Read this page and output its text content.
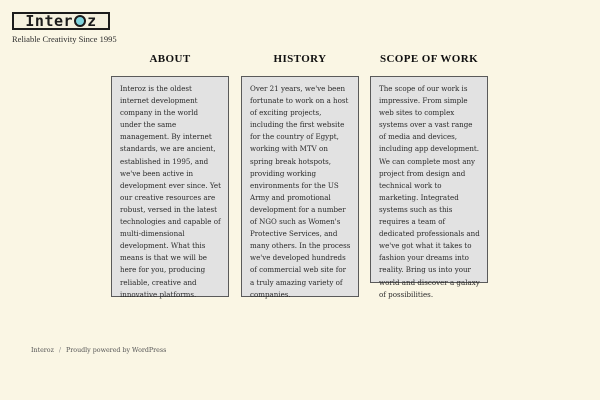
Inter z
Reliable Creativity Since 1995
ABOUT
Interoz is the oldest internet development company in the world under the same management. By internet standards, we are ancient, established in 1995, and we've been active in development ever since. Yet our creative resources are robust, versed in the latest technologies and capable of multi-dimensional development. What this means is that we will be here for you, producing reliable, creative and innovative platforms.
HISTORY
Over 21 years, we've been fortunate to work on a host of exciting projects, including the first website for the country of Egypt, working with MTV on spring break hotspots, providing working environments for the US Army and promotional development for a number of NGO such as Women's Protective Services, and many others. In the process we've developed hundreds of commercial web site for a truly amazing variety of companies.
SCOPE OF WORK
The scope of our work is impressive. From simple web sites to complex systems over a vast range of media and devices, including app development. We can complete most any project from design and technical work to marketing. Integrated systems such as this requires a team of dedicated professionals and we've got what it takes to fashion your dreams into reality. Bring us into your world and discover a galaxy of possibilities.
Interoz / Proudly powered by WordPress
